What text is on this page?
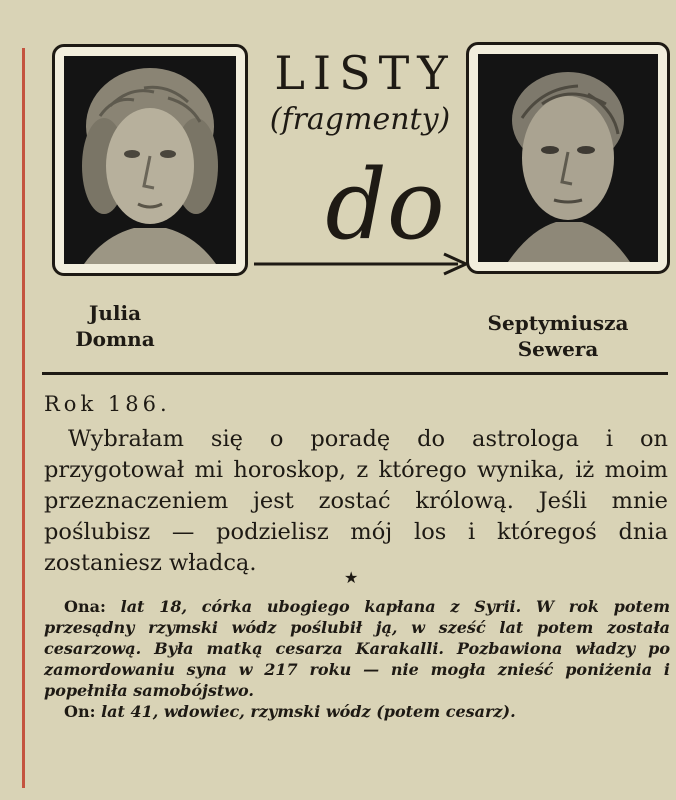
LISTY
(fragmenty)
do
Julia
Domna
Septymiusza
Sewera
Rok 186.

Wybrałam się o poradę do astrologa i on przygotował mi horoskop, z którego wynika, iż moim przeznaczeniem jest zostać królową. Jeśli mnie poślubisz — podzielisz mój los i któregoś dnia zostaniesz władcą.

★

Ona: lat 18, córka ubogiego kapłana z Syrii. W rok potem przesądny rzymski wódz poślubił ją, w sześć lat potem została cesarzową. Była matką cesarza Karakalli. Pozbawiona władzy po zamordowaniu syna w 217 roku — nie mogła znieść poniżenia i popełniła samobójstwo.

On: lat 41, wdowiec, rzymski wódz (potem cesarz).
